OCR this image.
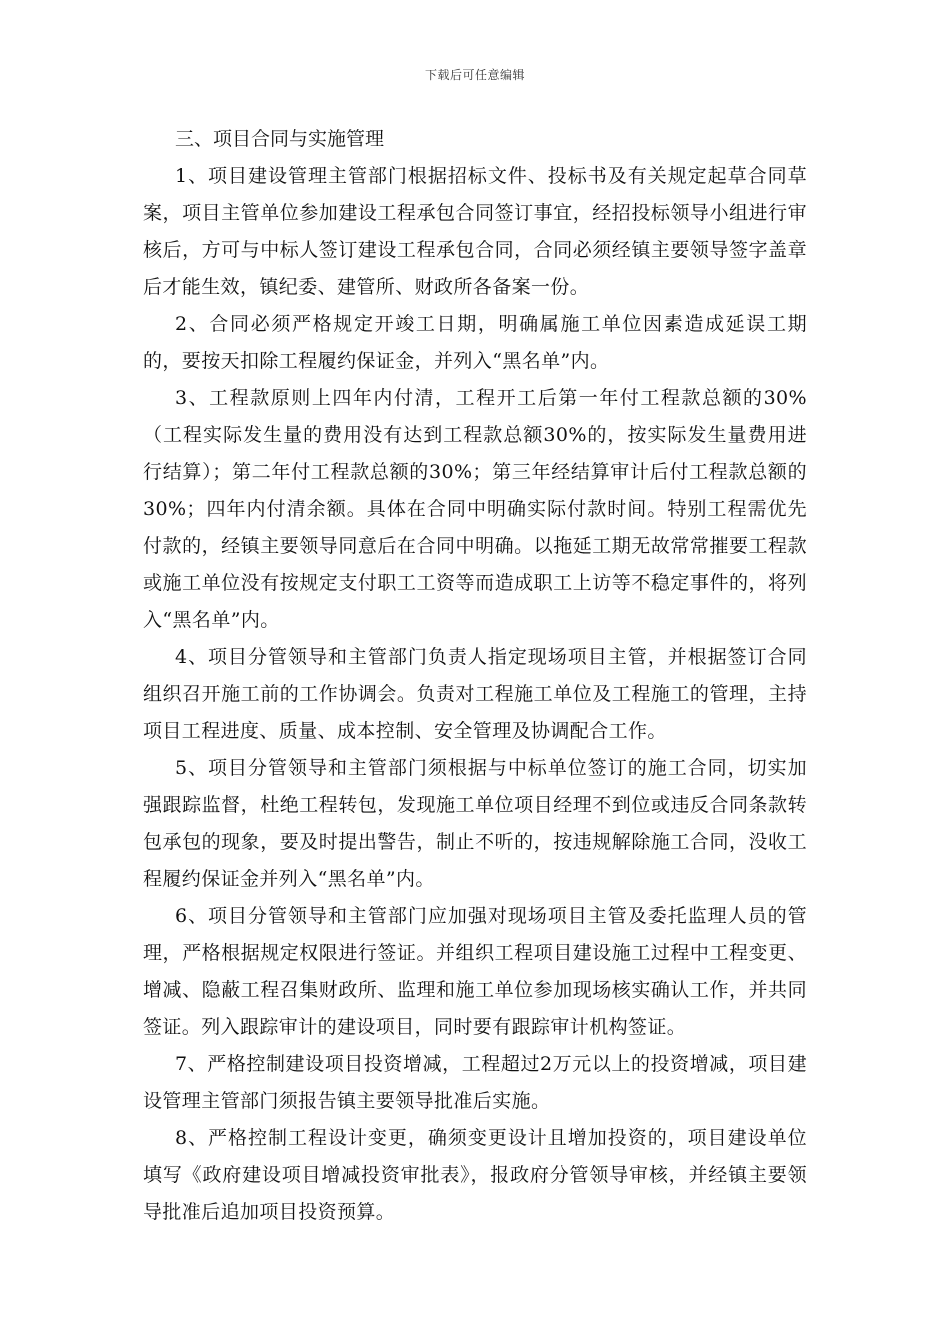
下载后可任意编辑

三、项目合同与实施管理

1、项目建设管理主管部门根据招标文件、投标书及有关规定起草合同草案，项目主管单位参加建设工程承包合同签订事宜，经招投标领导小组进行审核后，方可与中标人签订建设工程承包合同，合同必须经镇主要领导签字盖章后才能生效，镇纪委、建管所、财政所各备案一份。

2、合同必须严格规定开竣工日期，明确属施工单位因素造成延误工期的，要按天扣除工程履约保证金，并列入“黑名单”内。

3、工程款原则上四年内付清，工程开工后第一年付工程款总额的30%（工程实际发生量的费用没有达到工程款总额30%的，按实际发生量费用进行结算）；第二年付工程款总额的30%；第三年经结算审计后付工程款总额的30%；四年内付清余额。具体在合同中明确实际付款时间。特别工程需优先付款的，经镇主要领导同意后在合同中明确。以拖延工期无故常常摧要工程款或施工单位没有按规定支付职工工资等而造成职工上访等不稳定事件的，将列入“黑名单”内。

4、项目分管领导和主管部门负责人指定现场项目主管，并根据签订合同组织召开施工前的工作协调会。负责对工程施工单位及工程施工的管理，主持项目工程进度、质量、成本控制、安全管理及协调配合工作。

5、项目分管领导和主管部门须根据与中标单位签订的施工合同，切实加强跟踪监督，杜绝工程转包，发现施工单位项目经理不到位或违反合同条款转包承包的现象，要及时提出警告，制止不听的，按违规解除施工合同，没收工程履约保证金并列入“黑名单”内。

6、项目分管领导和主管部门应加强对现场项目主管及委托监理人员的管理，严格根据规定权限进行签证。并组织工程项目建设施工过程中工程变更、增减、隐蔽工程召集财政所、监理和施工单位参加现场核实确认工作，并共同签证。列入跟踪审计的建设项目，同时要有跟踪审计机构签证。

7、严格控制建设项目投资增减，工程超过2万元以上的投资增减，项目建设管理主管部门须报告镇主要领导批准后实施。

8、严格控制工程设计变更，确须变更设计且增加投资的，项目建设单位填写《政府建设项目增减投资审批表》，报政府分管领导审核，并经镇主要领导批准后追加项目投资预算。
